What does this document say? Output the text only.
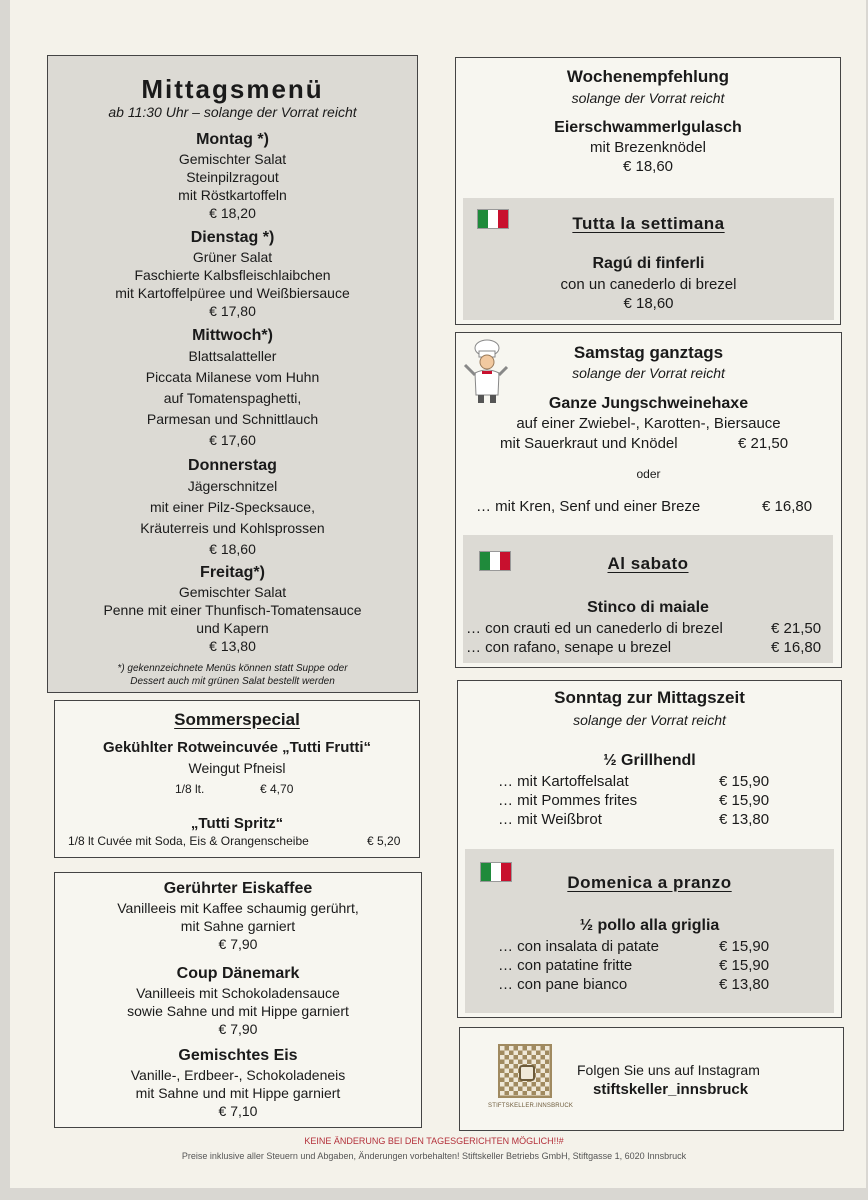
Mittagsmenü
ab 11:30 Uhr – solange der Vorrat reicht
Montag *)
Gemischter Salat
Steinpilzragout
mit Röstkartoffeln
€ 18,20
Dienstag *)
Grüner Salat
Faschierte Kalbsfleischlaibchen
mit Kartoffelpüree und Weißbiersauce
€ 17,80
Mittwoch*)
Blattsalatteller
Piccata Milanese vom Huhn
auf Tomatenspaghetti,
Parmesan und Schnittlauch
€ 17,60
Donnerstag
Jägerschnitzel
mit einer Pilz-Specksauce,
Kräuterreis und Kohlsprossen
€ 18,60
Freitag*)
Gemischter Salat
Penne mit einer Thunfisch-Tomatensauce
und Kapern
€ 13,80
*) gekennzeichnete Menüs können statt Suppe oder
Dessert auch mit grünen Salat bestellt werden
Sommerspecial
Gekühlter Rotweincuvée „Tutti Frutti“
Weingut Pfneisl
1/8 lt.	€ 4,70
„Tutti Spritz“
1/8 lt Cuvée mit Soda, Eis & Orangenscheibe	€ 5,20
Gerührter Eiskaffee
Vanilleeis mit Kaffee schaumig gerührt,
mit Sahne garniert
€ 7,90
Coup Dänemark
Vanilleeis mit Schokoladensauce
sowie Sahne und mit Hippe garniert
€ 7,90
Gemischtes Eis
Vanille-, Erdbeer-, Schokoladeneis
mit Sahne und mit Hippe garniert
€ 7,10
Wochenempfehlung
solange der Vorrat reicht
Eierschwammerlgulasch
mit Brezenknödel
€ 18,60
Tutta la settimana
Ragú di finferli
con un canederlo di brezel
€ 18,60
Samstag ganztags
solange der Vorrat reicht
Ganze Jungschweinehaxe
auf einer Zwiebel-, Karotten-, Biersauce
mit Sauerkraut und Knödel	€ 21,50
oder
… mit Kren, Senf und einer Breze	€ 16,80
Al sabato
Stinco di maiale
… con crauti ed un canederlo di brezel	€ 21,50
… con rafano, senape u brezel	€ 16,80
Sonntag zur Mittagszeit
solange der Vorrat reicht
½ Grillhendl
… mit Kartoffelsalat	€ 15,90
… mit Pommes frites	€ 15,90
… mit Weißbrot	€ 13,80
Domenica a pranzo
½ pollo alla griglia
… con insalata di patate	€ 15,90
… con patatine fritte	€ 15,90
… con pane bianco	€ 13,80
STIFTSKELLER.INNSBRUCK
Folgen Sie uns auf Instagram
stiftskeller_innsbruck
KEINE ÄNDERUNG BEI DEN TAGESGERICHTEN MÖGLICH!!#
Preise inklusive aller Steuern und Abgaben, Änderungen vorbehalten! Stiftskeller Betriebs GmbH, Stiftgasse 1, 6020 Innsbruck
